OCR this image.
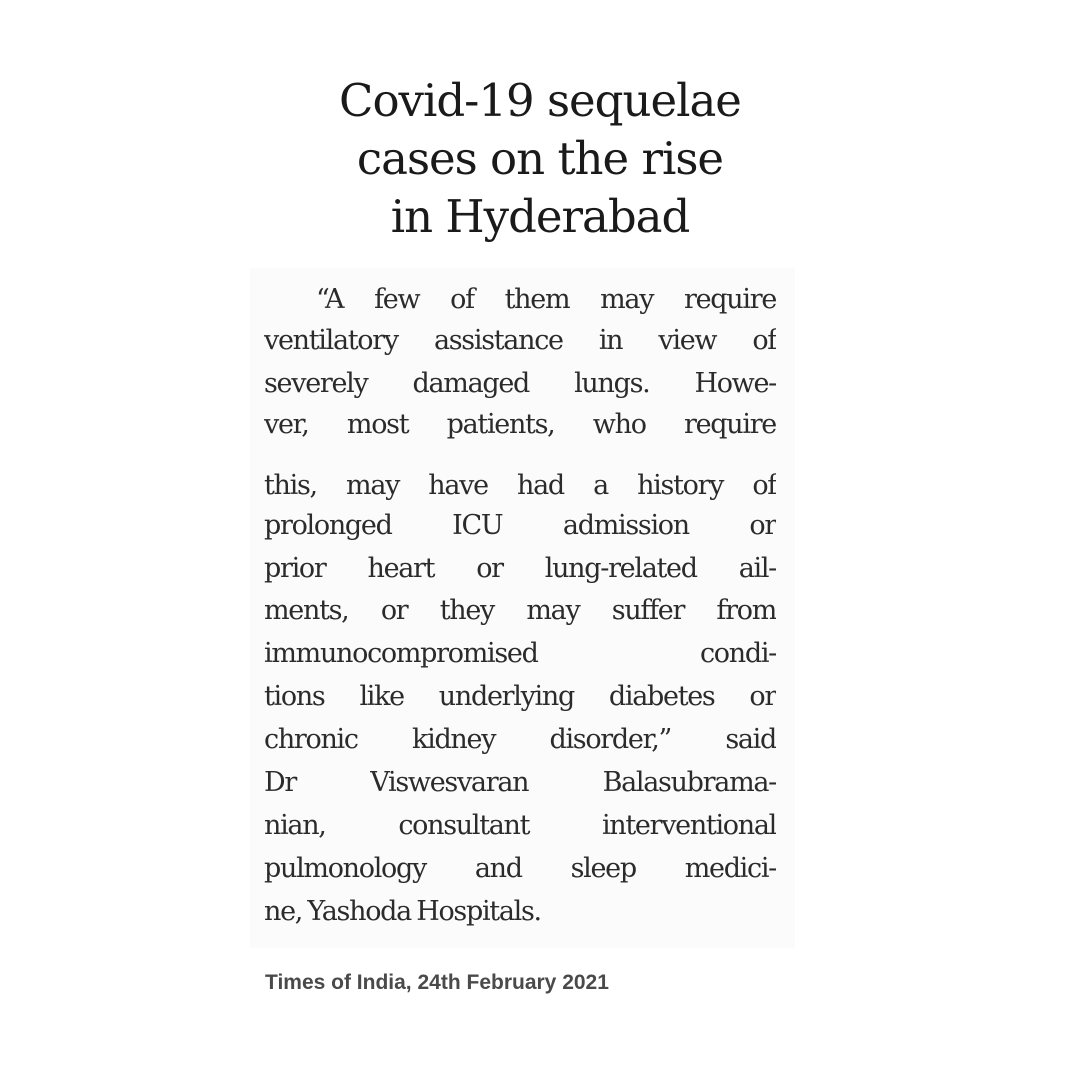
Covid-19 sequelae
cases on the rise
in Hyderabad

“A few of them may require

ventilatory assistance in view of

severely damaged lungs. Howe-

ver, most patients, who require

this, may have had a history of

prolonged ICU admission or

prior heart or lung-related ail-

ments, or they may suffer from

immunocompromised condi-

tions like underlying diabetes or

chronic kidney disorder,” said

Dr Viswesvaran Balasubrama-

nian, consultant interventional

pulmonology and sleep medici-

ne, Yashoda Hospitals.

Times of India, 24th February 2021
